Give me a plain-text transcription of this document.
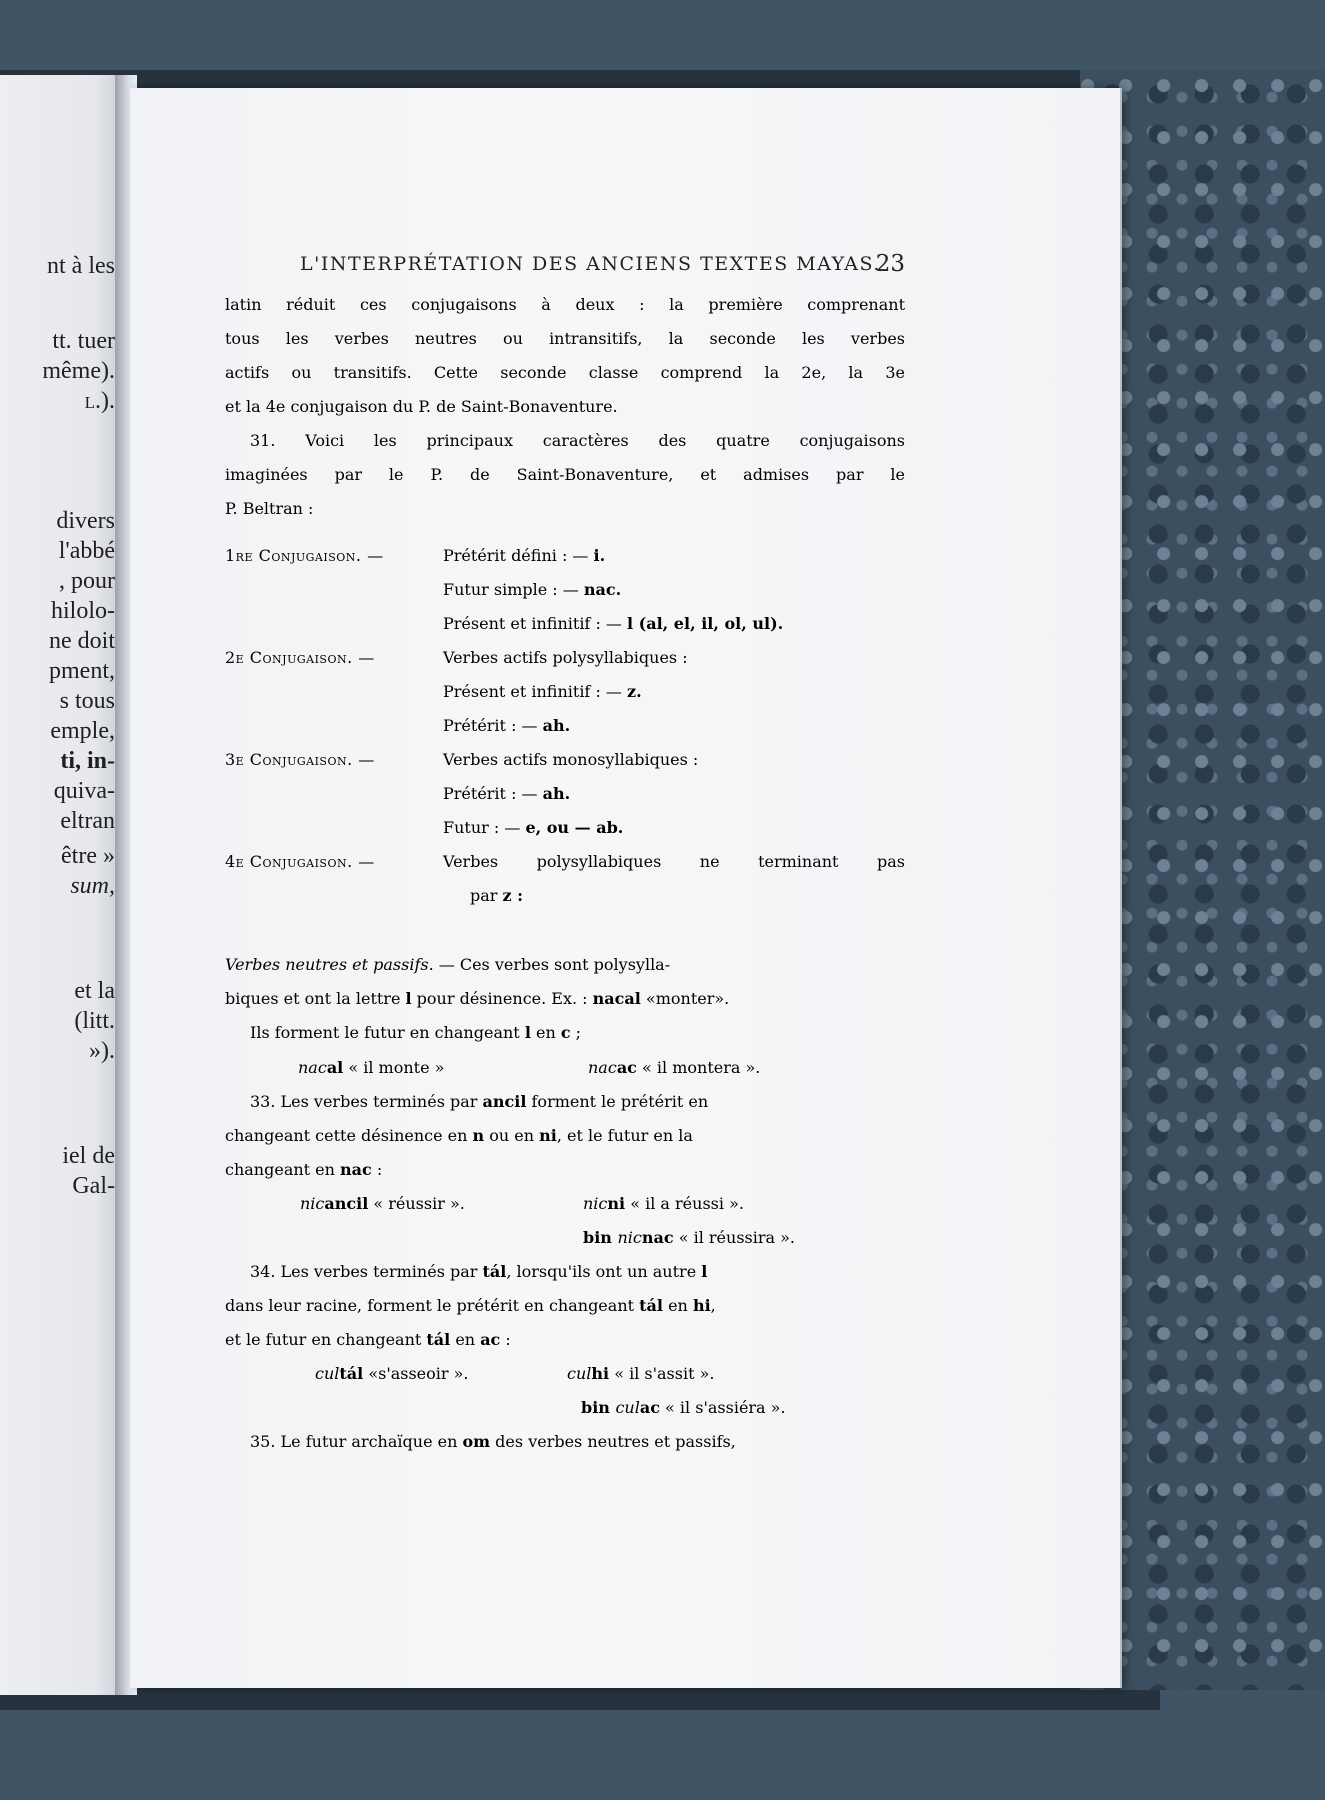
nt à les
tt. tuer
même).
l.).
divers
l'abbé
, pour
hilolo-
ne doit
pment,
s tous
emple,
ti, in-
quiva-
eltran
être »
sum,
et la
(litt.
»).
iel de
Gal-
L'INTERPRÉTATION DES ANCIENS TEXTES MAYAS.
23
latin réduit ces conjugaisons à deux : la première comprenant
tous les verbes neutres ou intransitifs, la seconde les verbes
actifs ou transitifs. Cette seconde classe comprend la 2e, la 3e
et la 4e conjugaison du P. de Saint-Bonaventure.
31. Voici les principaux caractères des quatre conjugaisons
imaginées par le P. de Saint-Bonaventure, et admises par le
P. Beltran :
1re Conjugaison. —	Prétérit défini : — i.
Futur simple : — nac.
Présent et infinitif : — l (al, el, il, ol, ul).
2e Conjugaison. —	Verbes actifs polysyllabiques :
Présent et infinitif : — z.
Prétérit : — ah.
3e Conjugaison. —	Verbes actifs monosyllabiques :
Prétérit : — ah.
Futur : — e, ou — ab.
4e Conjugaison. —	Verbes polysyllabiques ne terminant pas
par z :
Verbes neutres et passifs. — Ces verbes sont polysylla-
biques et ont la lettre l pour désinence. Ex. : nacal «monter».
Ils forment le futur en changeant l en c ;
nacal « il monte »	nacac « il montera ».
33. Les verbes terminés par ancil forment le prétérit en
changeant cette désinence en n ou en ni, et le futur en la
changeant en nac :
nicancil « réussir ».	nicni « il a réussi ».
bin nicnac « il réussira ».
34. Les verbes terminés par tál, lorsqu'ils ont un autre l
dans leur racine, forment le prétérit en changeant tál en hi,
et le futur en changeant tál en ac :
cultál «s'asseoir ».	culhi « il s'assit ».
bin culac « il s'assiéra ».
35. Le futur archaïque en om des verbes neutres et passifs,
